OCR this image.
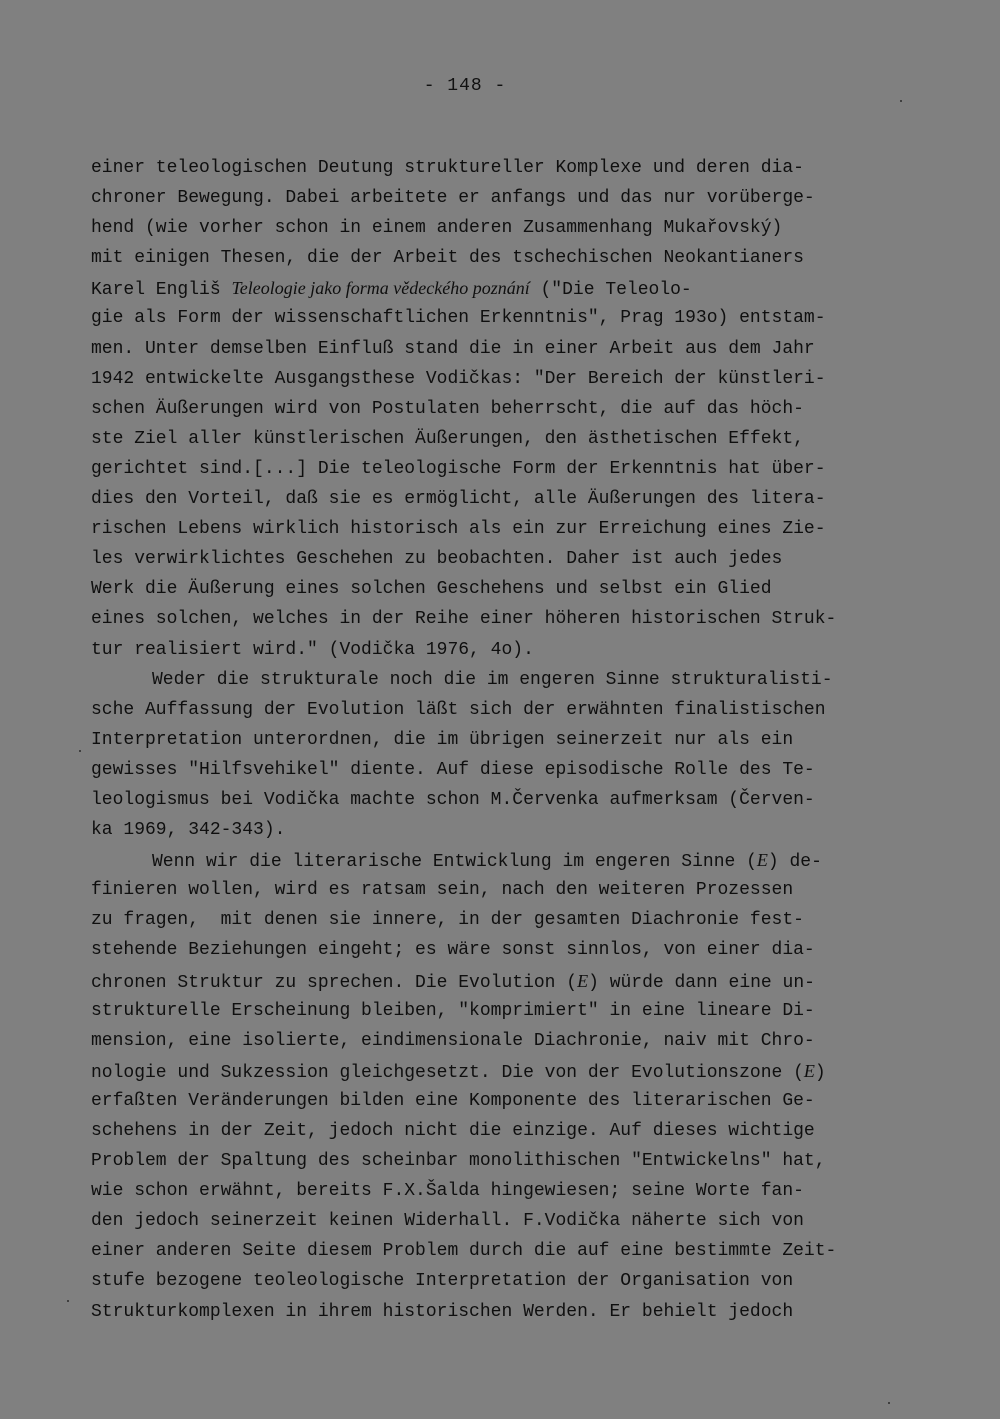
- 148 -
einer teleologischen Deutung struktureller Komplexe und deren dia-
chroner Bewegung. Dabei arbeitete er anfangs und das nur vorüberge-
hend (wie vorher schon in einem anderen Zusammenhang Mukařovský)
mit einigen Thesen, die der Arbeit des tschechischen Neokantianers
Karel Engliš Teleologie jako forma vědeckého poznání ("Die Teleolo-
gie als Form der wissenschaftlichen Erkenntnis", Prag 193o) entstam-
men. Unter demselben Einfluß stand die in einer Arbeit aus dem Jahr
1942 entwickelte Ausgangsthese Vodičkas: "Der Bereich der künstleri-
schen Äußerungen wird von Postulaten beherrscht, die auf das höch-
ste Ziel aller künstlerischen Äußerungen, den ästhetischen Effekt,
gerichtet sind.[...] Die teleologische Form der Erkenntnis hat über-
dies den Vorteil, daß sie es ermöglicht, alle Äußerungen des litera-
rischen Lebens wirklich historisch als ein zur Erreichung eines Zie-
les verwirklichtes Geschehen zu beobachten. Daher ist auch jedes
Werk die Äußerung eines solchen Geschehens und selbst ein Glied
eines solchen, welches in der Reihe einer höheren historischen Struk-
tur realisiert wird." (Vodička 1976, 4o).
Weder die strukturale noch die im engeren Sinne strukturalisti-
sche Auffassung der Evolution läßt sich der erwähnten finalistischen
Interpretation unterordnen, die im übrigen seinerzeit nur als ein
gewisses "Hilfsvehikel" diente. Auf diese episodische Rolle des Te-
leologismus bei Vodička machte schon M.Červenka aufmerksam (Červen-
ka 1969, 342-343).
Wenn wir die literarische Entwicklung im engeren Sinne (E) de-
finieren wollen, wird es ratsam sein, nach den weiteren Prozessen
zu fragen,  mit denen sie innere, in der gesamten Diachronie fest-
stehende Beziehungen eingeht; es wäre sonst sinnlos, von einer dia-
chronen Struktur zu sprechen. Die Evolution (E) würde dann eine un-
strukturelle Erscheinung bleiben, "komprimiert" in eine lineare Di-
mension, eine isolierte, eindimensionale Diachronie, naiv mit Chro-
nologie und Sukzession gleichgesetzt. Die von der Evolutionszone (E)
erfaßten Veränderungen bilden eine Komponente des literarischen Ge-
schehens in der Zeit, jedoch nicht die einzige. Auf dieses wichtige
Problem der Spaltung des scheinbar monolithischen "Entwickelns" hat,
wie schon erwähnt, bereits F.X.Šalda hingewiesen; seine Worte fan-
den jedoch seinerzeit keinen Widerhall. F.Vodička näherte sich von
einer anderen Seite diesem Problem durch die auf eine bestimmte Zeit-
stufe bezogene teoleologische Interpretation der Organisation von
Strukturkomplexen in ihrem historischen Werden. Er behielt jedoch
